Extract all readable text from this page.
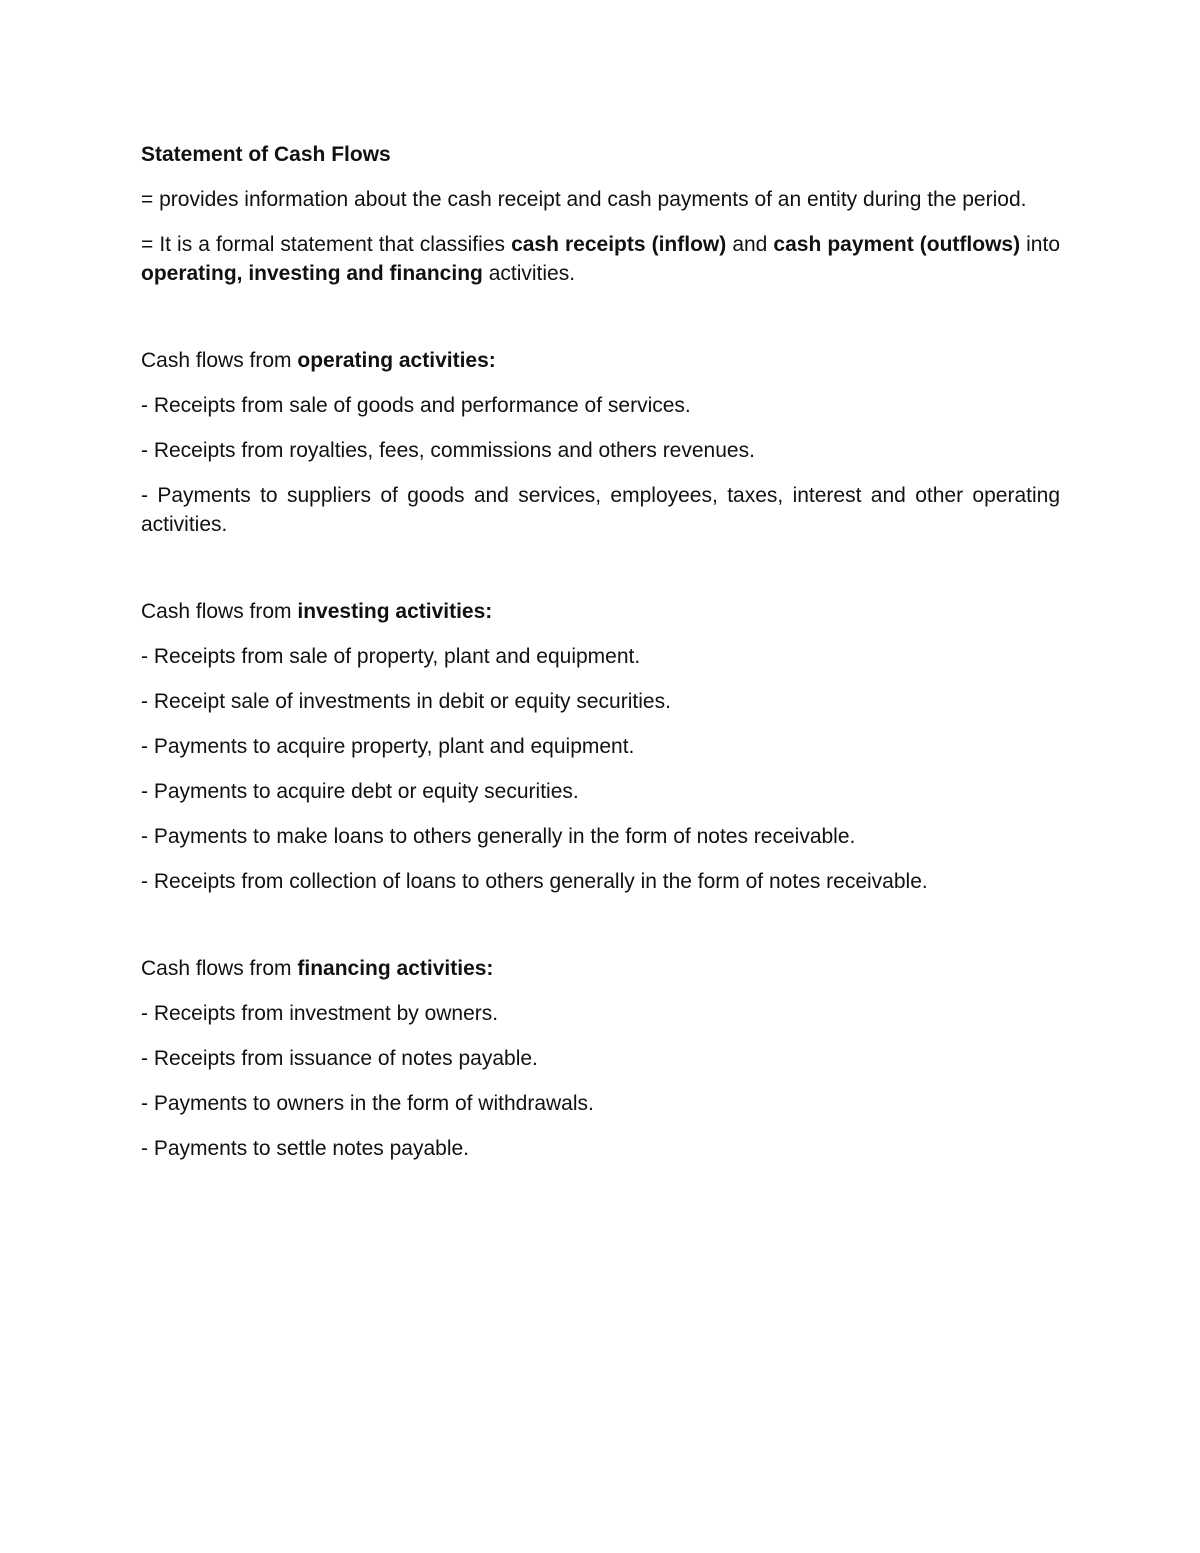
Statement of Cash Flows
= provides information about the cash receipt and cash payments of an entity during the period.
= It is a formal statement that classifies cash receipts (inflow) and cash payment (outflows) into operating, investing and financing activities.
Cash flows from operating activities:
- Receipts from sale of goods and performance of services.
- Receipts from royalties, fees, commissions and others revenues.
- Payments to suppliers of goods and services, employees, taxes, interest and other operating activities.
Cash flows from investing activities:
- Receipts from sale of property, plant and equipment.
- Receipt sale of investments in debit or equity securities.
- Payments to acquire property, plant and equipment.
- Payments to acquire debt or equity securities.
- Payments to make loans to others generally in the form of notes receivable.
- Receipts from collection of loans to others generally in the form of notes receivable.
Cash flows from financing activities:
- Receipts from investment by owners.
- Receipts from issuance of notes payable.
- Payments to owners in the form of withdrawals.
- Payments to settle notes payable.
